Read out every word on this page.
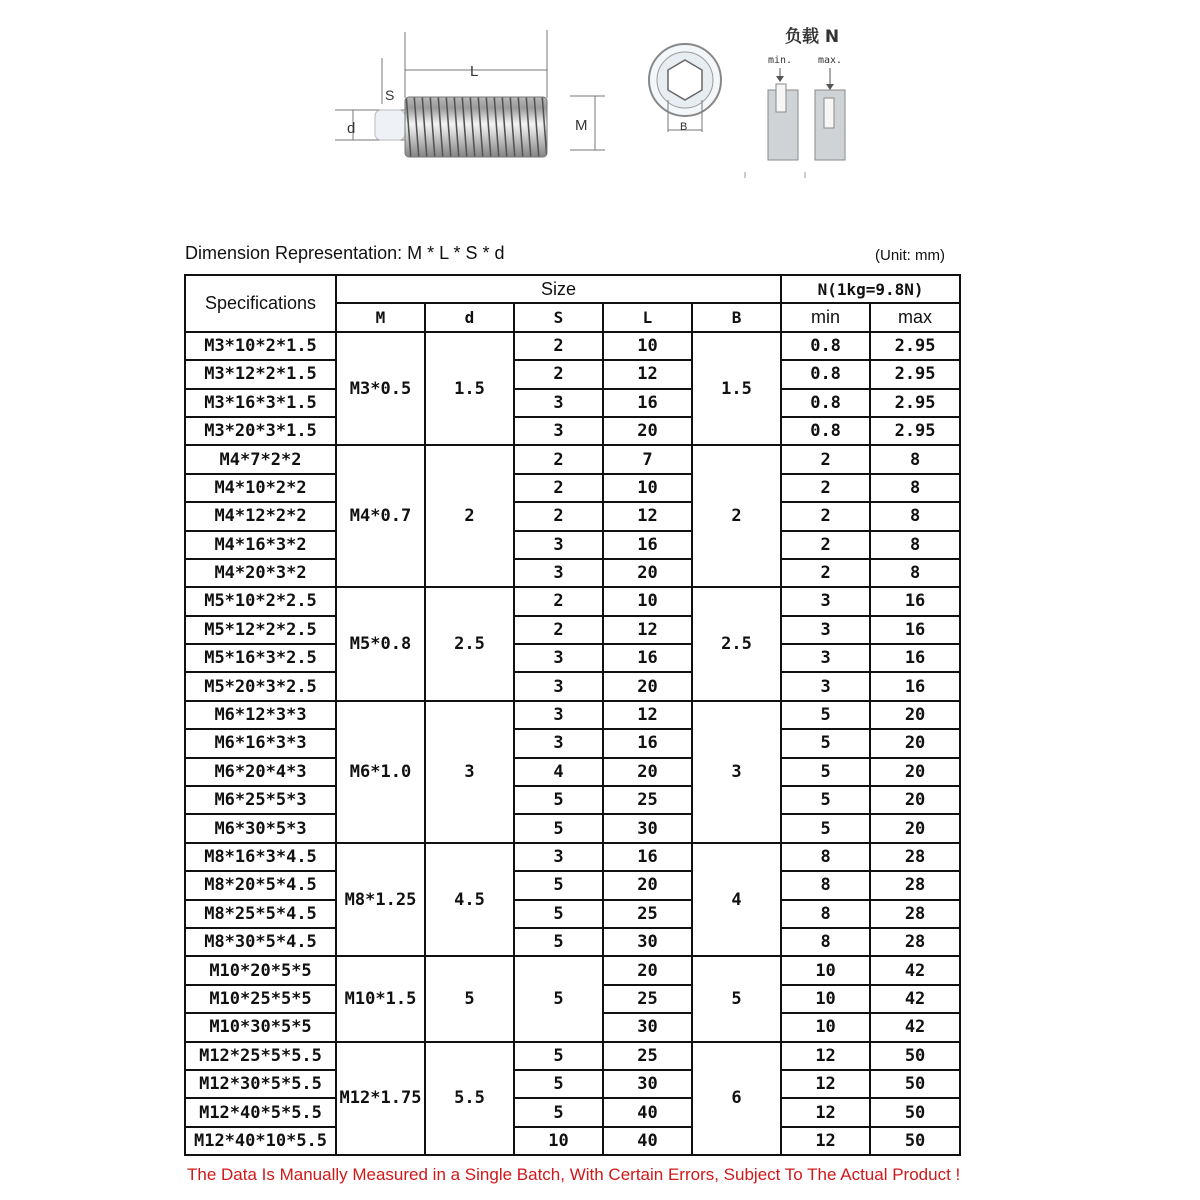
L
S
d	M	B
负载 N
min.	max.
Dimension Representation: M * L * S * d	(Unit: mm)
Specifications	Size					N(1kg=9.8N)	
	M	d	S	L	B	min	max
M3*10*2*1.5	M3*0.5	1.5	2	10	1.5	0.8	2.95
M3*12*2*1.5			2	12		0.8	2.95
M3*16*3*1.5			3	16		0.8	2.95
M3*20*3*1.5			3	20		0.8	2.95
M4*7*2*2	M4*0.7	2	2	7	2	2	8
M4*10*2*2			2	10		2	8
M4*12*2*2			2	12		2	8
M4*16*3*2			3	16		2	8
M4*20*3*2			3	20		2	8
M5*10*2*2.5	M5*0.8	2.5	2	10	2.5	3	16
M5*12*2*2.5			2	12		3	16
M5*16*3*2.5			3	16		3	16
M5*20*3*2.5			3	20		3	16
M6*12*3*3	M6*1.0	3	3	12	3	5	20
M6*16*3*3			3	16		5	20
M6*20*4*3			4	20		5	20
M6*25*5*3			5	25		5	20
M6*30*5*3			5	30		5	20
M8*16*3*4.5	M8*1.25	4.5	3	16	4	8	28
M8*20*5*4.5			5	20		8	28
M8*25*5*4.5			5	25		8	28
M8*30*5*4.5			5	30		8	28
M10*20*5*5	M10*1.5	5	5	20	5	10	42
M10*25*5*5				25		10	42
M10*30*5*5				30		10	42
M12*25*5*5.5	M12*1.75	5.5	5	25	6	12	50
M12*30*5*5.5			5	30		12	50
M12*40*5*5.5			5	40		12	50
M12*40*10*5.5			10	40		12	50
The Data Is Manually Measured in a Single Batch, With Certain Errors, Subject To The Actual Product !
